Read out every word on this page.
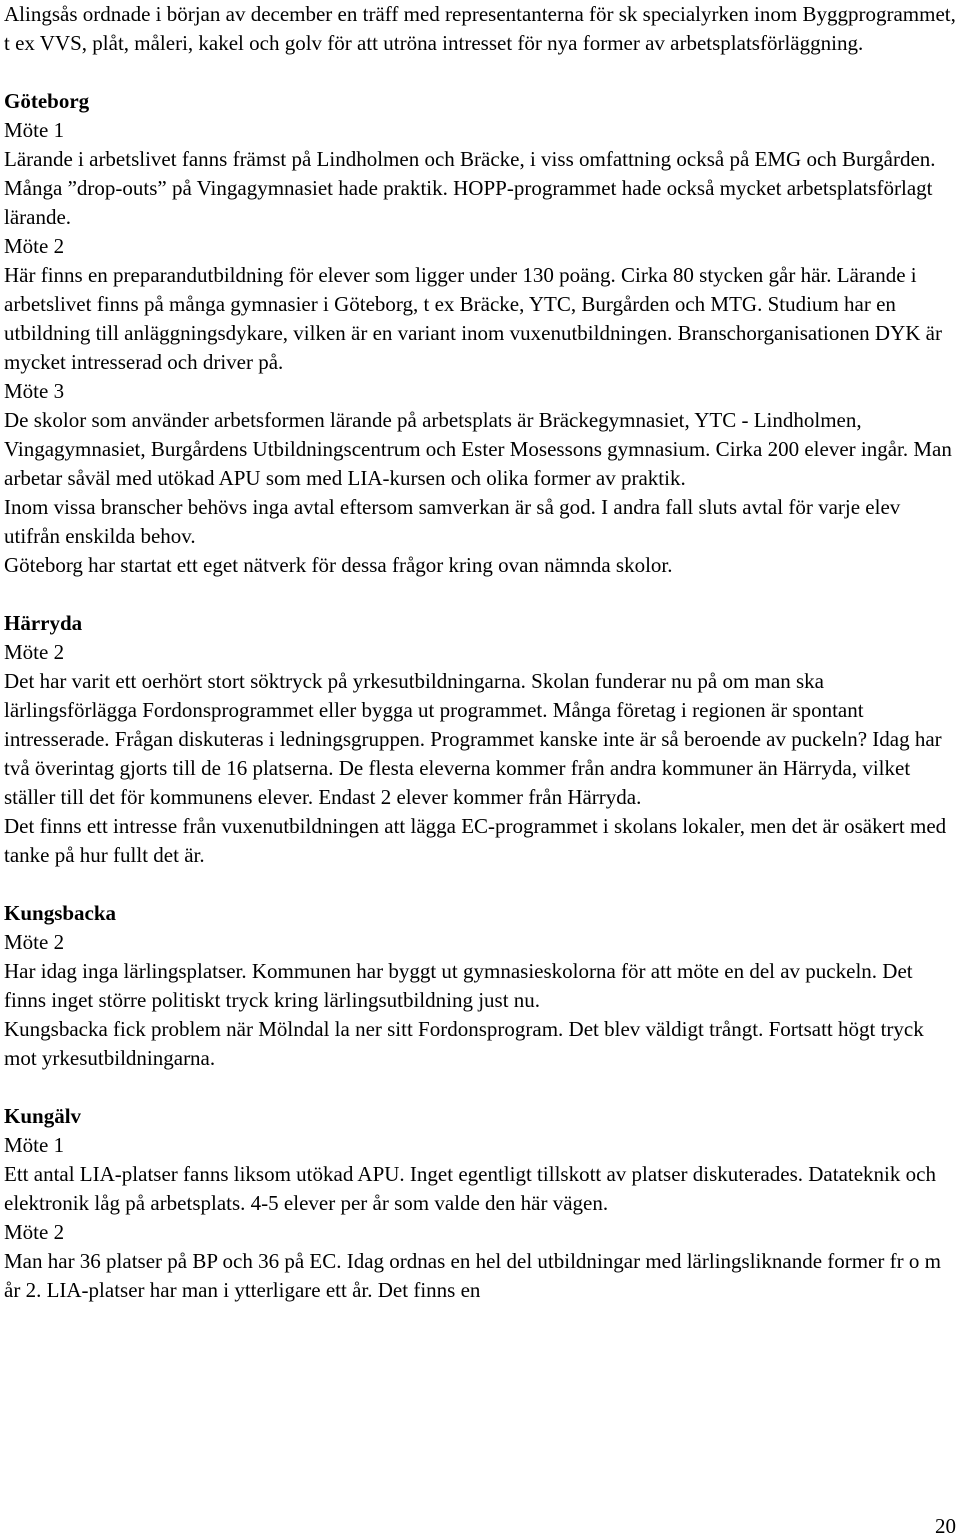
Alingsås ordnade i början av december en träff med representanterna för sk specialyrken inom Byggprogrammet, t ex VVS, plåt, måleri, kakel och golv för att utröna intresset för nya former av arbetsplatsförläggning.

Göteborg

Möte 1

Lärande i arbetslivet fanns främst på Lindholmen och Bräcke, i viss omfattning också på EMG och Burgården. Många ”drop-outs” på Vingagymnasiet hade praktik. HOPP-programmet hade också mycket arbetsplatsförlagt lärande.

Möte 2

Här finns en preparandutbildning för elever som ligger under 130 poäng. Cirka 80 stycken går här. Lärande i arbetslivet finns på många gymnasier i Göteborg, t ex Bräcke, YTC, Burgården och MTG. Studium har en utbildning till anläggningsdykare, vilken är en variant inom vuxenutbildningen. Branschorganisationen DYK är mycket intresserad och driver på.

Möte 3

De skolor som använder arbetsformen lärande på arbetsplats är Bräckegymnasiet, YTC - Lindholmen, Vingagymnasiet, Burgårdens Utbildningscentrum och Ester Mosessons gymnasium. Cirka 200 elever ingår. Man arbetar såväl med utökad APU som med LIA-kursen och olika former av praktik.

Inom vissa branscher behövs inga avtal eftersom samverkan är så god. I andra fall sluts avtal för varje elev utifrån enskilda behov.

Göteborg har startat ett eget nätverk för dessa frågor kring ovan nämnda skolor.

Härryda

Möte 2

Det har varit ett oerhört stort söktryck på yrkesutbildningarna. Skolan funderar nu på om man ska lärlingsförlägga Fordonsprogrammet eller bygga ut programmet. Många företag i regionen är spontant intresserade. Frågan diskuteras i ledningsgruppen. Programmet kanske inte är så beroende av puckeln? Idag har två överintag gjorts till de 16 platserna. De flesta eleverna kommer från andra kommuner än Härryda, vilket ställer till det för kommunens elever. Endast 2 elever kommer från Härryda.

Det finns ett intresse från vuxenutbildningen att lägga EC-programmet i skolans lokaler, men det är osäkert med tanke på hur fullt det är.

Kungsbacka

Möte 2

Har idag inga lärlingsplatser. Kommunen har byggt ut gymnasieskolorna för att möte en del av puckeln. Det finns inget större politiskt tryck kring lärlingsutbildning just nu.

Kungsbacka fick problem när Mölndal la ner sitt Fordonsprogram. Det blev väldigt trångt. Fortsatt högt tryck mot yrkesutbildningarna.

Kungälv

Möte 1

Ett antal LIA-platser fanns liksom utökad APU. Inget egentligt tillskott av platser diskuterades. Datateknik och elektronik låg på arbetsplats. 4-5 elever per år som valde den här vägen.

Möte 2

Man har 36 platser på BP och 36 på EC. Idag ordnas en hel del utbildningar med lärlingsliknande former fr o m år 2. LIA-platser har man i ytterligare ett år. Det finns en

20
